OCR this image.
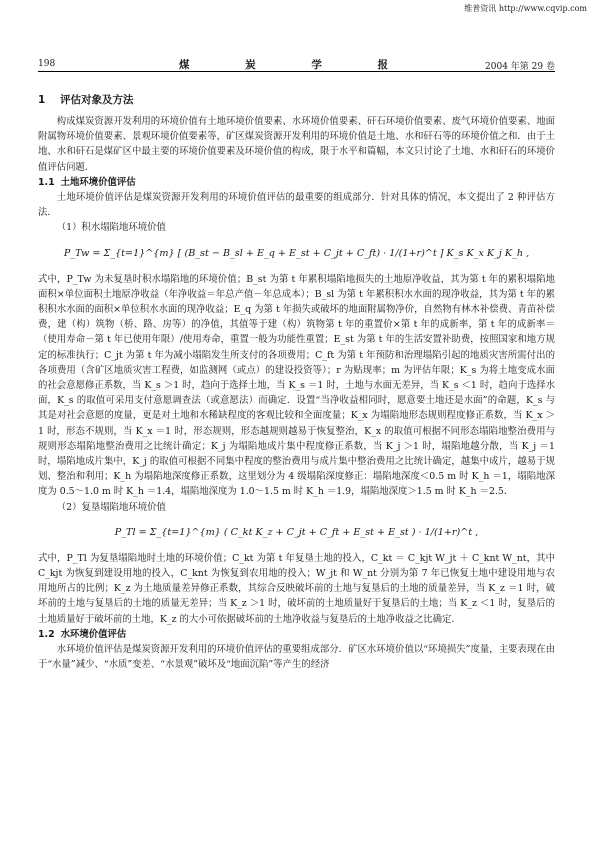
维普资讯 http://www.cqvip.com
198	煤 炭 学 报	2004 年第 29 卷
1 评估对象及方法

构成煤炭资源开发利用的环境价值有土地环境价值要素、水环境价值要素、矸石环境价值要素、废气环境价值要素、地面附属物环境价值要素、景观环境价值要素等，矿区煤炭资源开发利用的环境价值是土地、水和矸石等的环境价值之和．由于土地、水和矸石是煤矿区中最主要的环境价值要素及环境价值的构成，限于水平和篇幅，本文只讨论了土地、水和矸石的环境价值评估问题．

1.1 土地环境价值评估

土地环境价值评估是煤炭资源开发利用的环境价值评估的最重要的组成部分．针对具体的情况，本文提出了 2 种评估方法．

（1）积水塌陷地环境价值

P_Tw = Σ_{t=1}^{m} [ (B_st − B_sl + E_q + E_st + C_jt + C_ft) · 1/(1+r)^t ] K_s K_x K_j K_h ,

式中，P_Tw 为未复垦时积水塌陷地的环境价值；B_st 为第 t 年累积塌陷地损失的土地原净收益，其为第 t 年的累积塌陷地面积×单位面积土地原净收益（年净收益＝年总产值－年总成本）；B_sl 为第 t 年累积积水水面的现净收益，其为第 t 年的累积积水水面的面积×单位积水水面的现净收益；E_q 为第 t 年损失或破坏的地面附属物净价，自然物有林木补偿费、青苗补偿费，建（构）筑物（桥、路、房等）的净值，其值等于建（构）筑物第 t 年的重置价×第 t 年的成新率，第 t 年的成新率＝（使用寿命－第 t 年已使用年限）/使用寿命，重置一般为功能性重置；E_st 为第 t 年的生活安置补助费，按照国家和地方规定的标准执行；C_jt 为第 t 年为减小塌陷发生所支付的各项费用；C_ft 为第 t 年预防和治理塌陷引起的地质灾害所需付出的各项费用（含矿区地质灾害工程费，如监测网（或点）的建设投资等）；r 为贴现率；m 为评估年限；K_s 为将土地变成水面的社会意愿修正系数，当 K_s ＞1 时，趋向于选择土地，当 K_s ＝1 时，土地与水面无差异，当 K_s ＜1 时，趋向于选择水面，K_s 的取值可采用支付意愿调查法（或意愿法）而确定．设置“当净收益相同时，愿意要土地还是水面”的命题，K_s 与其是对社会意愿的度量，更是对土地和水稀缺程度的客观比较和全面度量；K_x 为塌陷地形态规则程度修正系数，当 K_x ＞1 时，形态不规则，当 K_x ＝1 时，形态规则，形态越规则越易于恢复整治，K_x 的取值可根据不同形态塌陷地整治费用与规则形态塌陷地整治费用之比统计确定；K_j 为塌陷地成片集中程度修正系数，当 K_j ＞1 时，塌陷地越分散，当 K_j ＝1 时，塌陷地成片集中，K_j 的取值可根据不同集中程度的整治费用与成片集中整治费用之比统计确定，越集中成片，越易于规划、整治和利用；K_h 为塌陷地深度修正系数，这里划分为 4 级塌陷深度修正：塌陷地深度＜0.5 m 时 K_h ＝1，塌陷地深度为 0.5～1.0 m 时 K_h ＝1.4，塌陷地深度为 1.0～1.5 m 时 K_h ＝1.9，塌陷地深度＞1.5 m 时 K_h ＝2.5．

（2）复垦塌陷地环境价值

P_Tl = Σ_{t=1}^{m} ( C_kt K_z + C_jt + C_ft + E_st + E_st ) · 1/(1+r)^t ,

式中，P_Tl 为复垦塌陷地时土地的环境价值；C_kt 为第 t 年复垦土地的投入，C_kt ＝ C_kjt W_jt ＋ C_knt W_nt，其中 C_kjt 为恢复到建设用地的投入，C_knt 为恢复到农用地的投入；W_jt 和 W_nt 分别为第 7 年已恢复土地中建设用地与农用地所占的比例；K_z 为土地质量差异修正系数，其综合反映破坏前的土地与复垦后的土地的质量差异，当 K_z ＝1 时，破坏前的土地与复垦后的土地的质量无差异；当 K_z ＞1 时，破坏前的土地质量好于复垦后的土地；当 K_z ＜1 时，复垦后的土地质量好于破坏前的土地，K_z 的大小可依据破坏前的土地净收益与复垦后的土地净收益之比确定．

1.2 水环境价值评估

水环境价值评估是煤炭资源开发利用的环境价值评估的重要组成部分．矿区水环境价值以“环境损失”度量，主要表现在由于“水量”减少、“水质”变差、“水景观”破坏及“地面沉陷”等产生的经济
